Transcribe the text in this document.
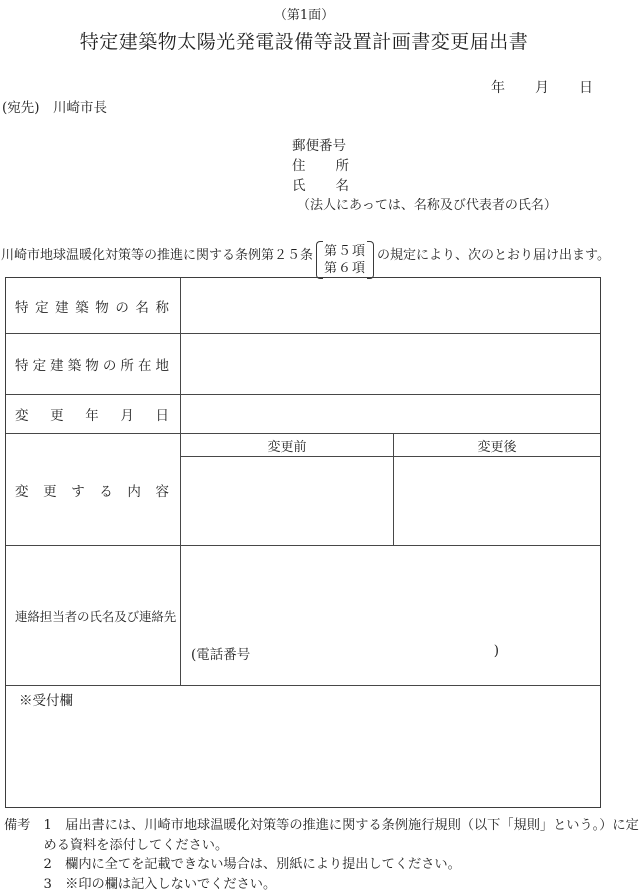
（第1面）
特定建築物太陽光発電設備等設置計画書変更届出書
年 月 日
(宛先)　川崎市長
郵便番号
住 所
氏 名
（法人にあっては、名称及び代表者の氏名）
川崎市地球温暖化対策等の推進に関する条例第２５条 第５項
第６項
の規定により、次のとおり届け出ます。
特 定 建 築 物 の 名 称
特 定 建 築 物 の 所 在 地
変 更 年 月 日
変 更 す る 内 容
変更前	変更後
連絡担当者の氏名及び連絡先
(電話番号	)
※受付欄
備考　1　届出書には、川崎市地球温暖化対策等の推進に関する条例施行規則（以下「規則」という。）に定
　　　める資料を添付してください。
　　　2　欄内に全てを記載できない場合は、別紙により提出してください。
　　　3　※印の欄は記入しないでください。
